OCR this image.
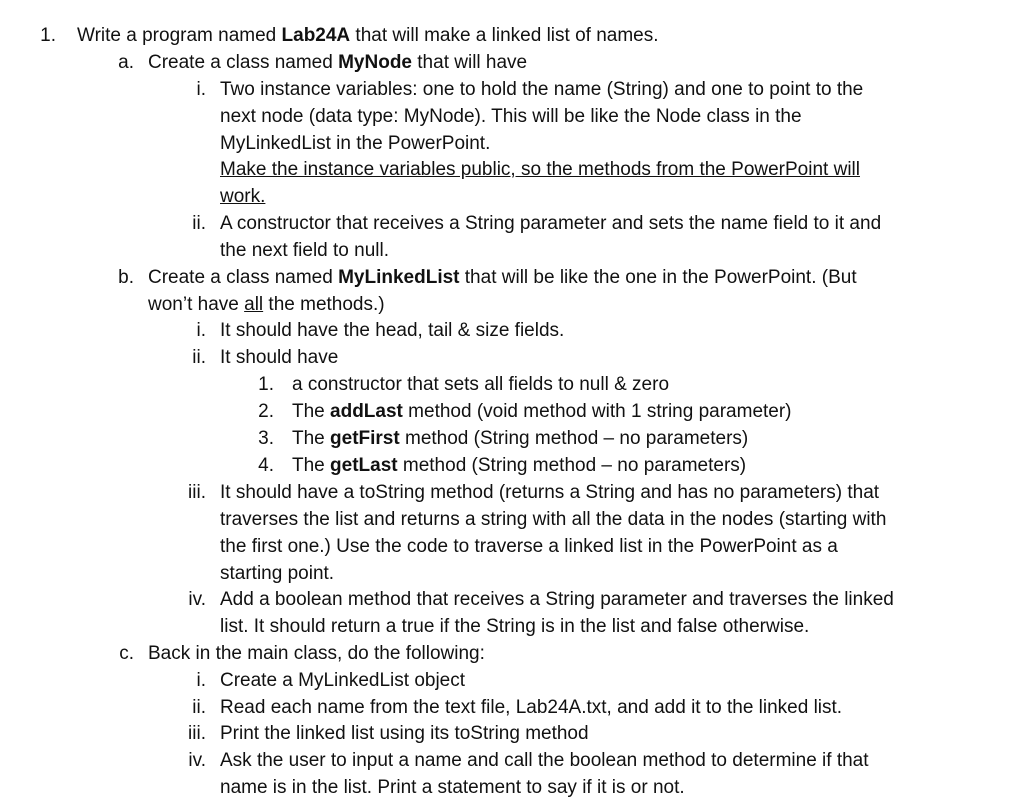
1. Write a program named Lab24A that will make a linked list of names.
a. Create a class named MyNode that will have
i. Two instance variables: one to hold the name (String) and one to point to the
next node (data type: MyNode). This will be like the Node class in the
MyLinkedList in the PowerPoint.
Make the instance variables public, so the methods from the PowerPoint will
work.
ii. A constructor that receives a String parameter and sets the name field to it and
the next field to null.
b. Create a class named MyLinkedList that will be like the one in the PowerPoint. (But
won’t have all the methods.)
i. It should have the head, tail & size fields.
ii. It should have
1. a constructor that sets all fields to null & zero
2. The addLast method (void method with 1 string parameter)
3. The getFirst method (String method – no parameters)
4. The getLast method (String method – no parameters)
iii. It should have a toString method (returns a String and has no parameters) that
traverses the list and returns a string with all the data in the nodes (starting with
the first one.) Use the code to traverse a linked list in the PowerPoint as a
starting point.
iv. Add a boolean method that receives a String parameter and traverses the linked
list. It should return a true if the String is in the list and false otherwise.
c. Back in the main class, do the following:
i. Create a MyLinkedList object
ii. Read each name from the text file, Lab24A.txt, and add it to the linked list.
iii. Print the linked list using its toString method
iv. Ask the user to input a name and call the boolean method to determine if that
name is in the list. Print a statement to say if it is or not.
